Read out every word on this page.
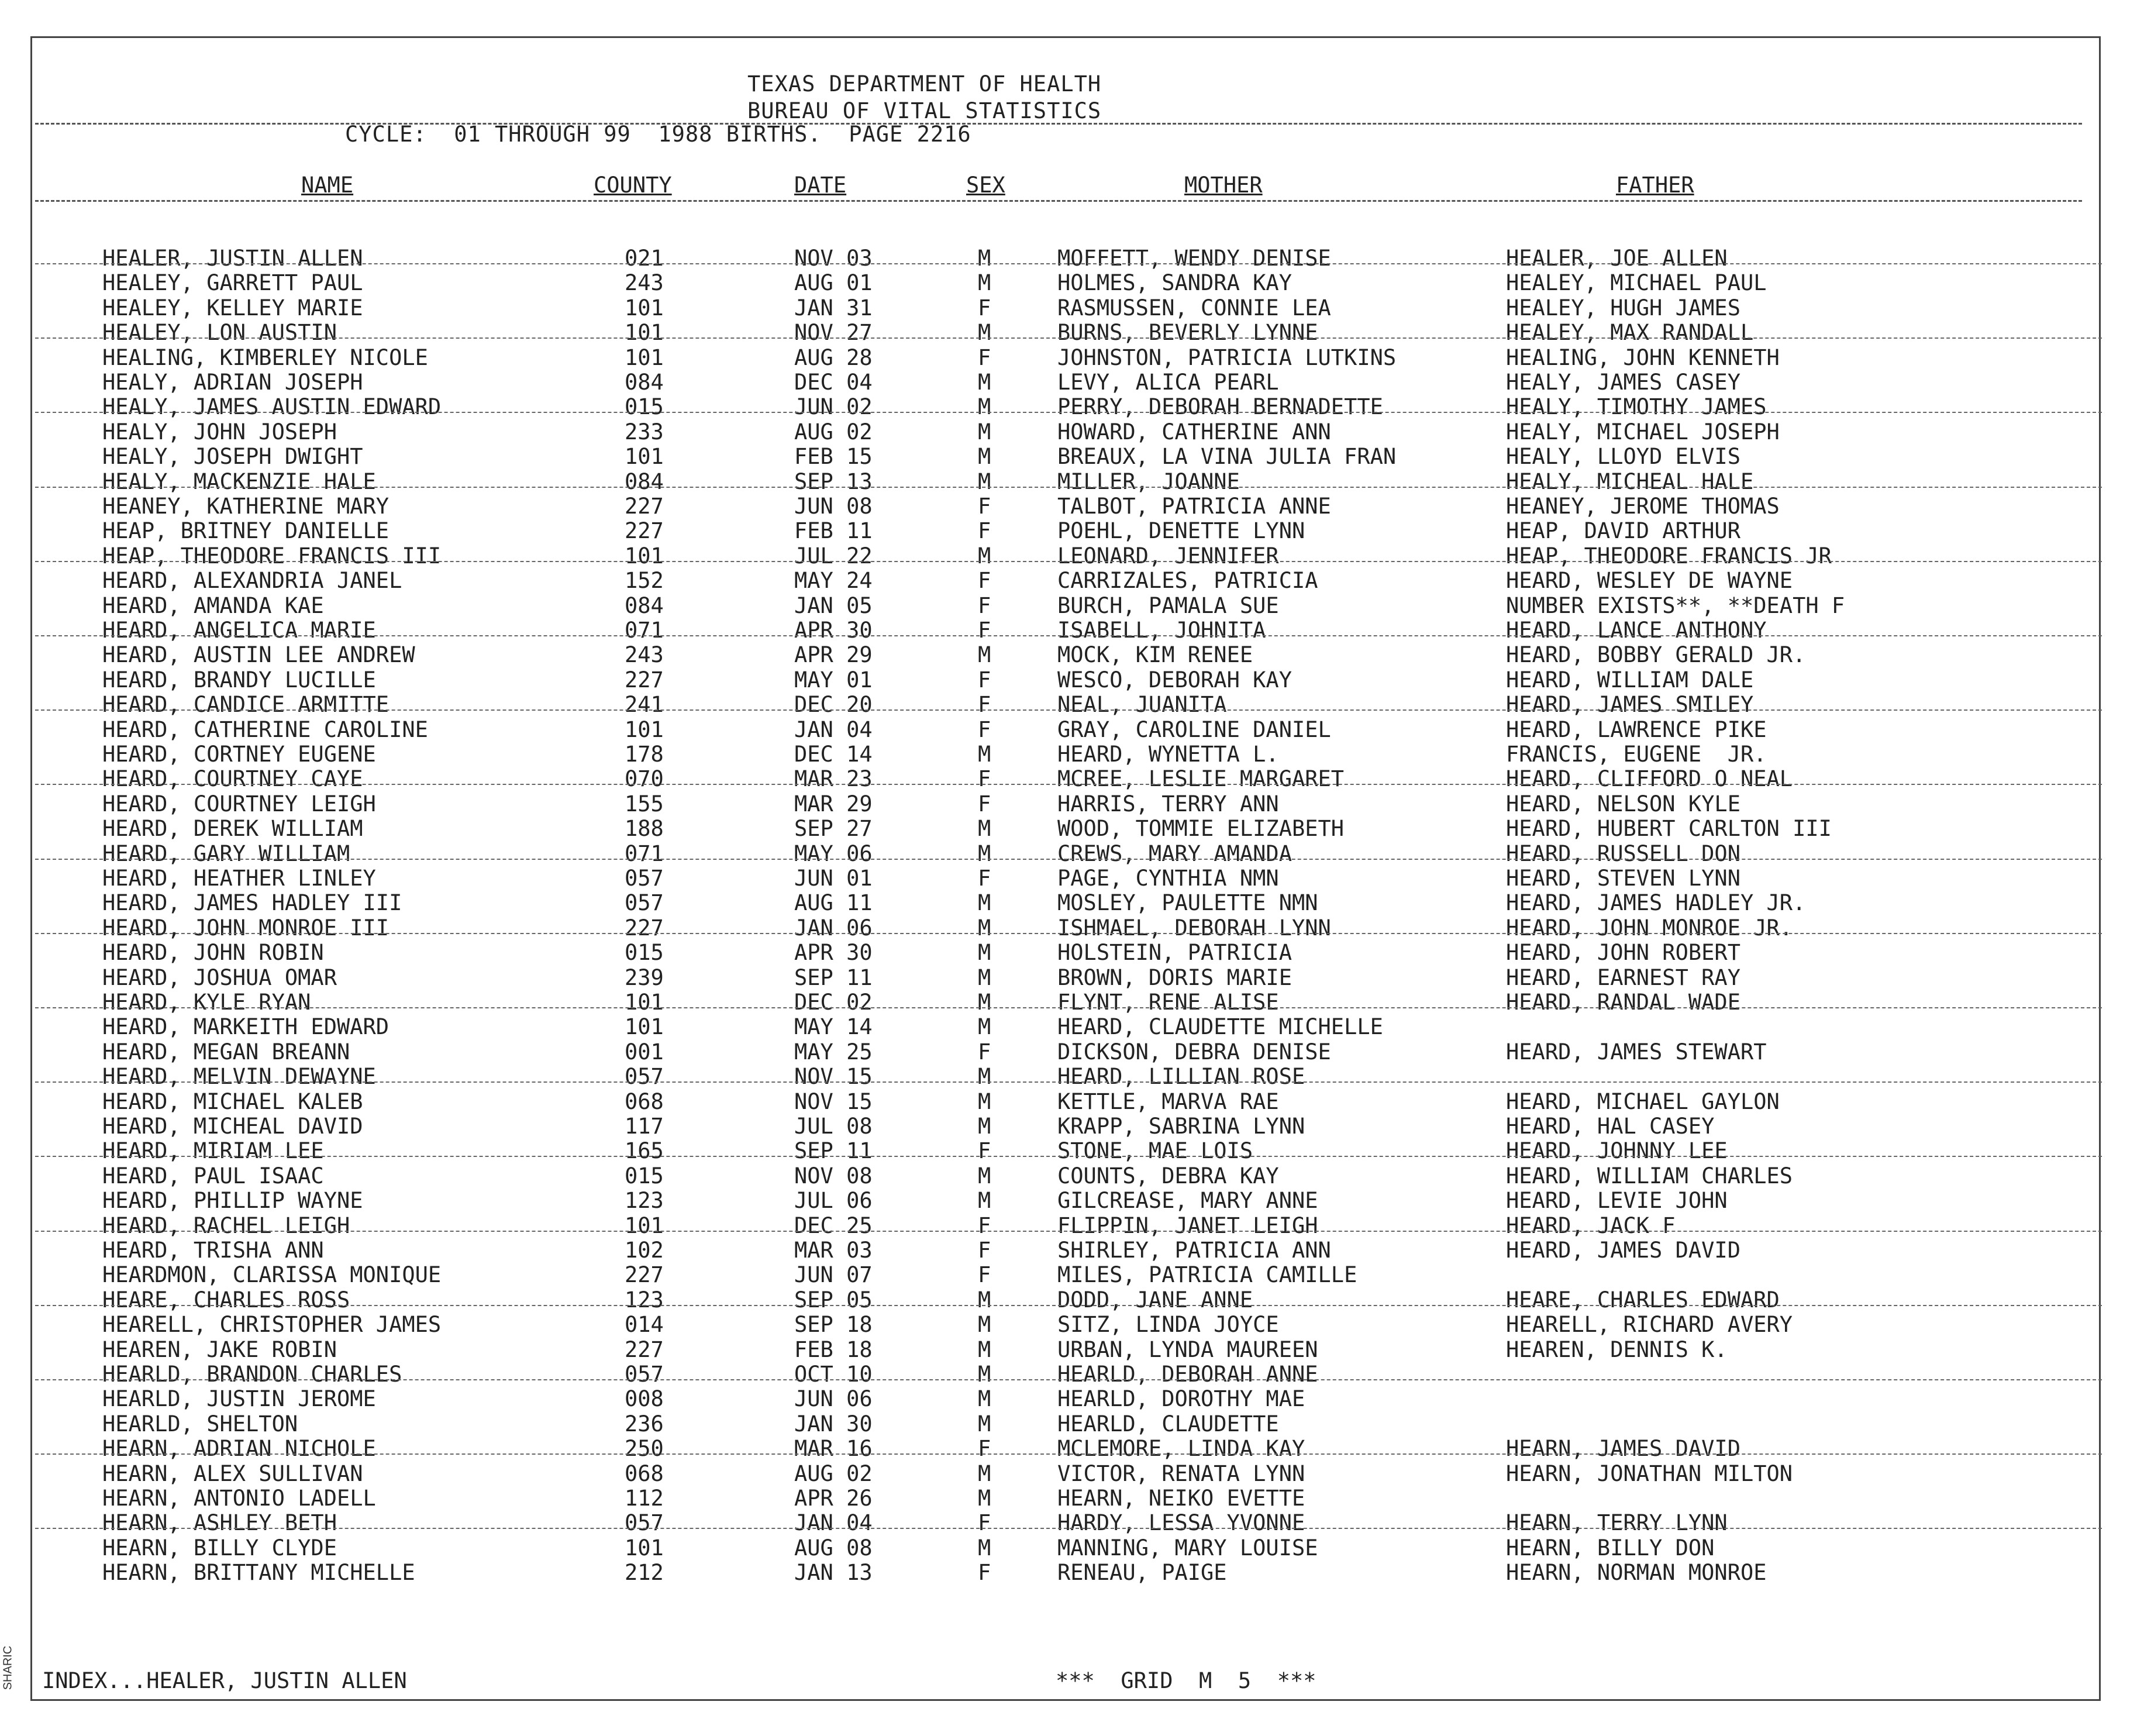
SHARIC
TEXAS DEPARTMENT OF HEALTH
BUREAU OF VITAL STATISTICS
CYCLE:  01 THROUGH 99  1988 BIRTHS.  PAGE 2216
NAME	COUNTY	DATE	SEX	MOTHER	FATHER
HEALER, JUSTIN ALLEN	021	NOV 03	M	MOFFETT, WENDY DENISE	HEALER, JOE ALLEN
HEALEY, GARRETT PAUL	243	AUG 01	M	HOLMES, SANDRA KAY	HEALEY, MICHAEL PAUL
HEALEY, KELLEY MARIE	101	JAN 31	F	RASMUSSEN, CONNIE LEA	HEALEY, HUGH JAMES
HEALEY, LON AUSTIN	101	NOV 27	M	BURNS, BEVERLY LYNNE	HEALEY, MAX RANDALL
HEALING, KIMBERLEY NICOLE	101	AUG 28	F	JOHNSTON, PATRICIA LUTKINS	HEALING, JOHN KENNETH
HEALY, ADRIAN JOSEPH	084	DEC 04	M	LEVY, ALICA PEARL	HEALY, JAMES CASEY
HEALY, JAMES AUSTIN EDWARD	015	JUN 02	M	PERRY, DEBORAH BERNADETTE	HEALY, TIMOTHY JAMES
HEALY, JOHN JOSEPH	233	AUG 02	M	HOWARD, CATHERINE ANN	HEALY, MICHAEL JOSEPH
HEALY, JOSEPH DWIGHT	101	FEB 15	M	BREAUX, LA VINA JULIA FRAN	HEALY, LLOYD ELVIS
HEALY, MACKENZIE HALE	084	SEP 13	M	MILLER, JOANNE	HEALY, MICHEAL HALE
HEANEY, KATHERINE MARY	227	JUN 08	F	TALBOT, PATRICIA ANNE	HEANEY, JEROME THOMAS
HEAP, BRITNEY DANIELLE	227	FEB 11	F	POEHL, DENETTE LYNN	HEAP, DAVID ARTHUR
HEAP, THEODORE FRANCIS III	101	JUL 22	M	LEONARD, JENNIFER	HEAP, THEODORE FRANCIS JR
HEARD, ALEXANDRIA JANEL	152	MAY 24	F	CARRIZALES, PATRICIA	HEARD, WESLEY DE WAYNE
HEARD, AMANDA KAE	084	JAN 05	F	BURCH, PAMALA SUE	NUMBER EXISTS**, **DEATH F
HEARD, ANGELICA MARIE	071	APR 30	F	ISABELL, JOHNITA	HEARD, LANCE ANTHONY
HEARD, AUSTIN LEE ANDREW	243	APR 29	M	MOCK, KIM RENEE	HEARD, BOBBY GERALD JR.
HEARD, BRANDY LUCILLE	227	MAY 01	F	WESCO, DEBORAH KAY	HEARD, WILLIAM DALE
HEARD, CANDICE ARMITTE	241	DEC 20	F	NEAL, JUANITA	HEARD, JAMES SMILEY
HEARD, CATHERINE CAROLINE	101	JAN 04	F	GRAY, CAROLINE DANIEL	HEARD, LAWRENCE PIKE
HEARD, CORTNEY EUGENE	178	DEC 14	M	HEARD, WYNETTA L.	FRANCIS, EUGENE  JR.
HEARD, COURTNEY CAYE	070	MAR 23	F	MCREE, LESLIE MARGARET	HEARD, CLIFFORD O NEAL
HEARD, COURTNEY LEIGH	155	MAR 29	F	HARRIS, TERRY ANN	HEARD, NELSON KYLE
HEARD, DEREK WILLIAM	188	SEP 27	M	WOOD, TOMMIE ELIZABETH	HEARD, HUBERT CARLTON III
HEARD, GARY WILLIAM	071	MAY 06	M	CREWS, MARY AMANDA	HEARD, RUSSELL DON
HEARD, HEATHER LINLEY	057	JUN 01	F	PAGE, CYNTHIA NMN	HEARD, STEVEN LYNN
HEARD, JAMES HADLEY III	057	AUG 11	M	MOSLEY, PAULETTE NMN	HEARD, JAMES HADLEY JR.
HEARD, JOHN MONROE III	227	JAN 06	M	ISHMAEL, DEBORAH LYNN	HEARD, JOHN MONROE JR.
HEARD, JOHN ROBIN	015	APR 30	M	HOLSTEIN, PATRICIA	HEARD, JOHN ROBERT
HEARD, JOSHUA OMAR	239	SEP 11	M	BROWN, DORIS MARIE	HEARD, EARNEST RAY
HEARD, KYLE RYAN	101	DEC 02	M	FLYNT, RENE ALISE	HEARD, RANDAL WADE
HEARD, MARKEITH EDWARD	101	MAY 14	M	HEARD, CLAUDETTE MICHELLE
HEARD, MEGAN BREANN	001	MAY 25	F	DICKSON, DEBRA DENISE	HEARD, JAMES STEWART
HEARD, MELVIN DEWAYNE	057	NOV 15	M	HEARD, LILLIAN ROSE
HEARD, MICHAEL KALEB	068	NOV 15	M	KETTLE, MARVA RAE	HEARD, MICHAEL GAYLON
HEARD, MICHEAL DAVID	117	JUL 08	M	KRAPP, SABRINA LYNN	HEARD, HAL CASEY
HEARD, MIRIAM LEE	165	SEP 11	F	STONE, MAE LOIS	HEARD, JOHNNY LEE
HEARD, PAUL ISAAC	015	NOV 08	M	COUNTS, DEBRA KAY	HEARD, WILLIAM CHARLES
HEARD, PHILLIP WAYNE	123	JUL 06	M	GILCREASE, MARY ANNE	HEARD, LEVIE JOHN
HEARD, RACHEL LEIGH	101	DEC 25	F	FLIPPIN, JANET LEIGH	HEARD, JACK F
HEARD, TRISHA ANN	102	MAR 03	F	SHIRLEY, PATRICIA ANN	HEARD, JAMES DAVID
HEARDMON, CLARISSA MONIQUE	227	JUN 07	F	MILES, PATRICIA CAMILLE
HEARE, CHARLES ROSS	123	SEP 05	M	DODD, JANE ANNE	HEARE, CHARLES EDWARD
HEARELL, CHRISTOPHER JAMES	014	SEP 18	M	SITZ, LINDA JOYCE	HEARELL, RICHARD AVERY
HEAREN, JAKE ROBIN	227	FEB 18	M	URBAN, LYNDA MAUREEN	HEAREN, DENNIS K.
HEARLD, BRANDON CHARLES	057	OCT 10	M	HEARLD, DEBORAH ANNE
HEARLD, JUSTIN JEROME	008	JUN 06	M	HEARLD, DOROTHY MAE
HEARLD, SHELTON	236	JAN 30	M	HEARLD, CLAUDETTE
HEARN, ADRIAN NICHOLE	250	MAR 16	F	MCLEMORE, LINDA KAY	HEARN, JAMES DAVID
HEARN, ALEX SULLIVAN	068	AUG 02	M	VICTOR, RENATA LYNN	HEARN, JONATHAN MILTON
HEARN, ANTONIO LADELL	112	APR 26	M	HEARN, NEIKO EVETTE
HEARN, ASHLEY BETH	057	JAN 04	F	HARDY, LESSA YVONNE	HEARN, TERRY LYNN
HEARN, BILLY CLYDE	101	AUG 08	M	MANNING, MARY LOUISE	HEARN, BILLY DON
HEARN, BRITTANY MICHELLE	212	JAN 13	F	RENEAU, PAIGE	HEARN, NORMAN MONROE
INDEX...HEALER, JUSTIN ALLEN	***  GRID  M  5  ***
